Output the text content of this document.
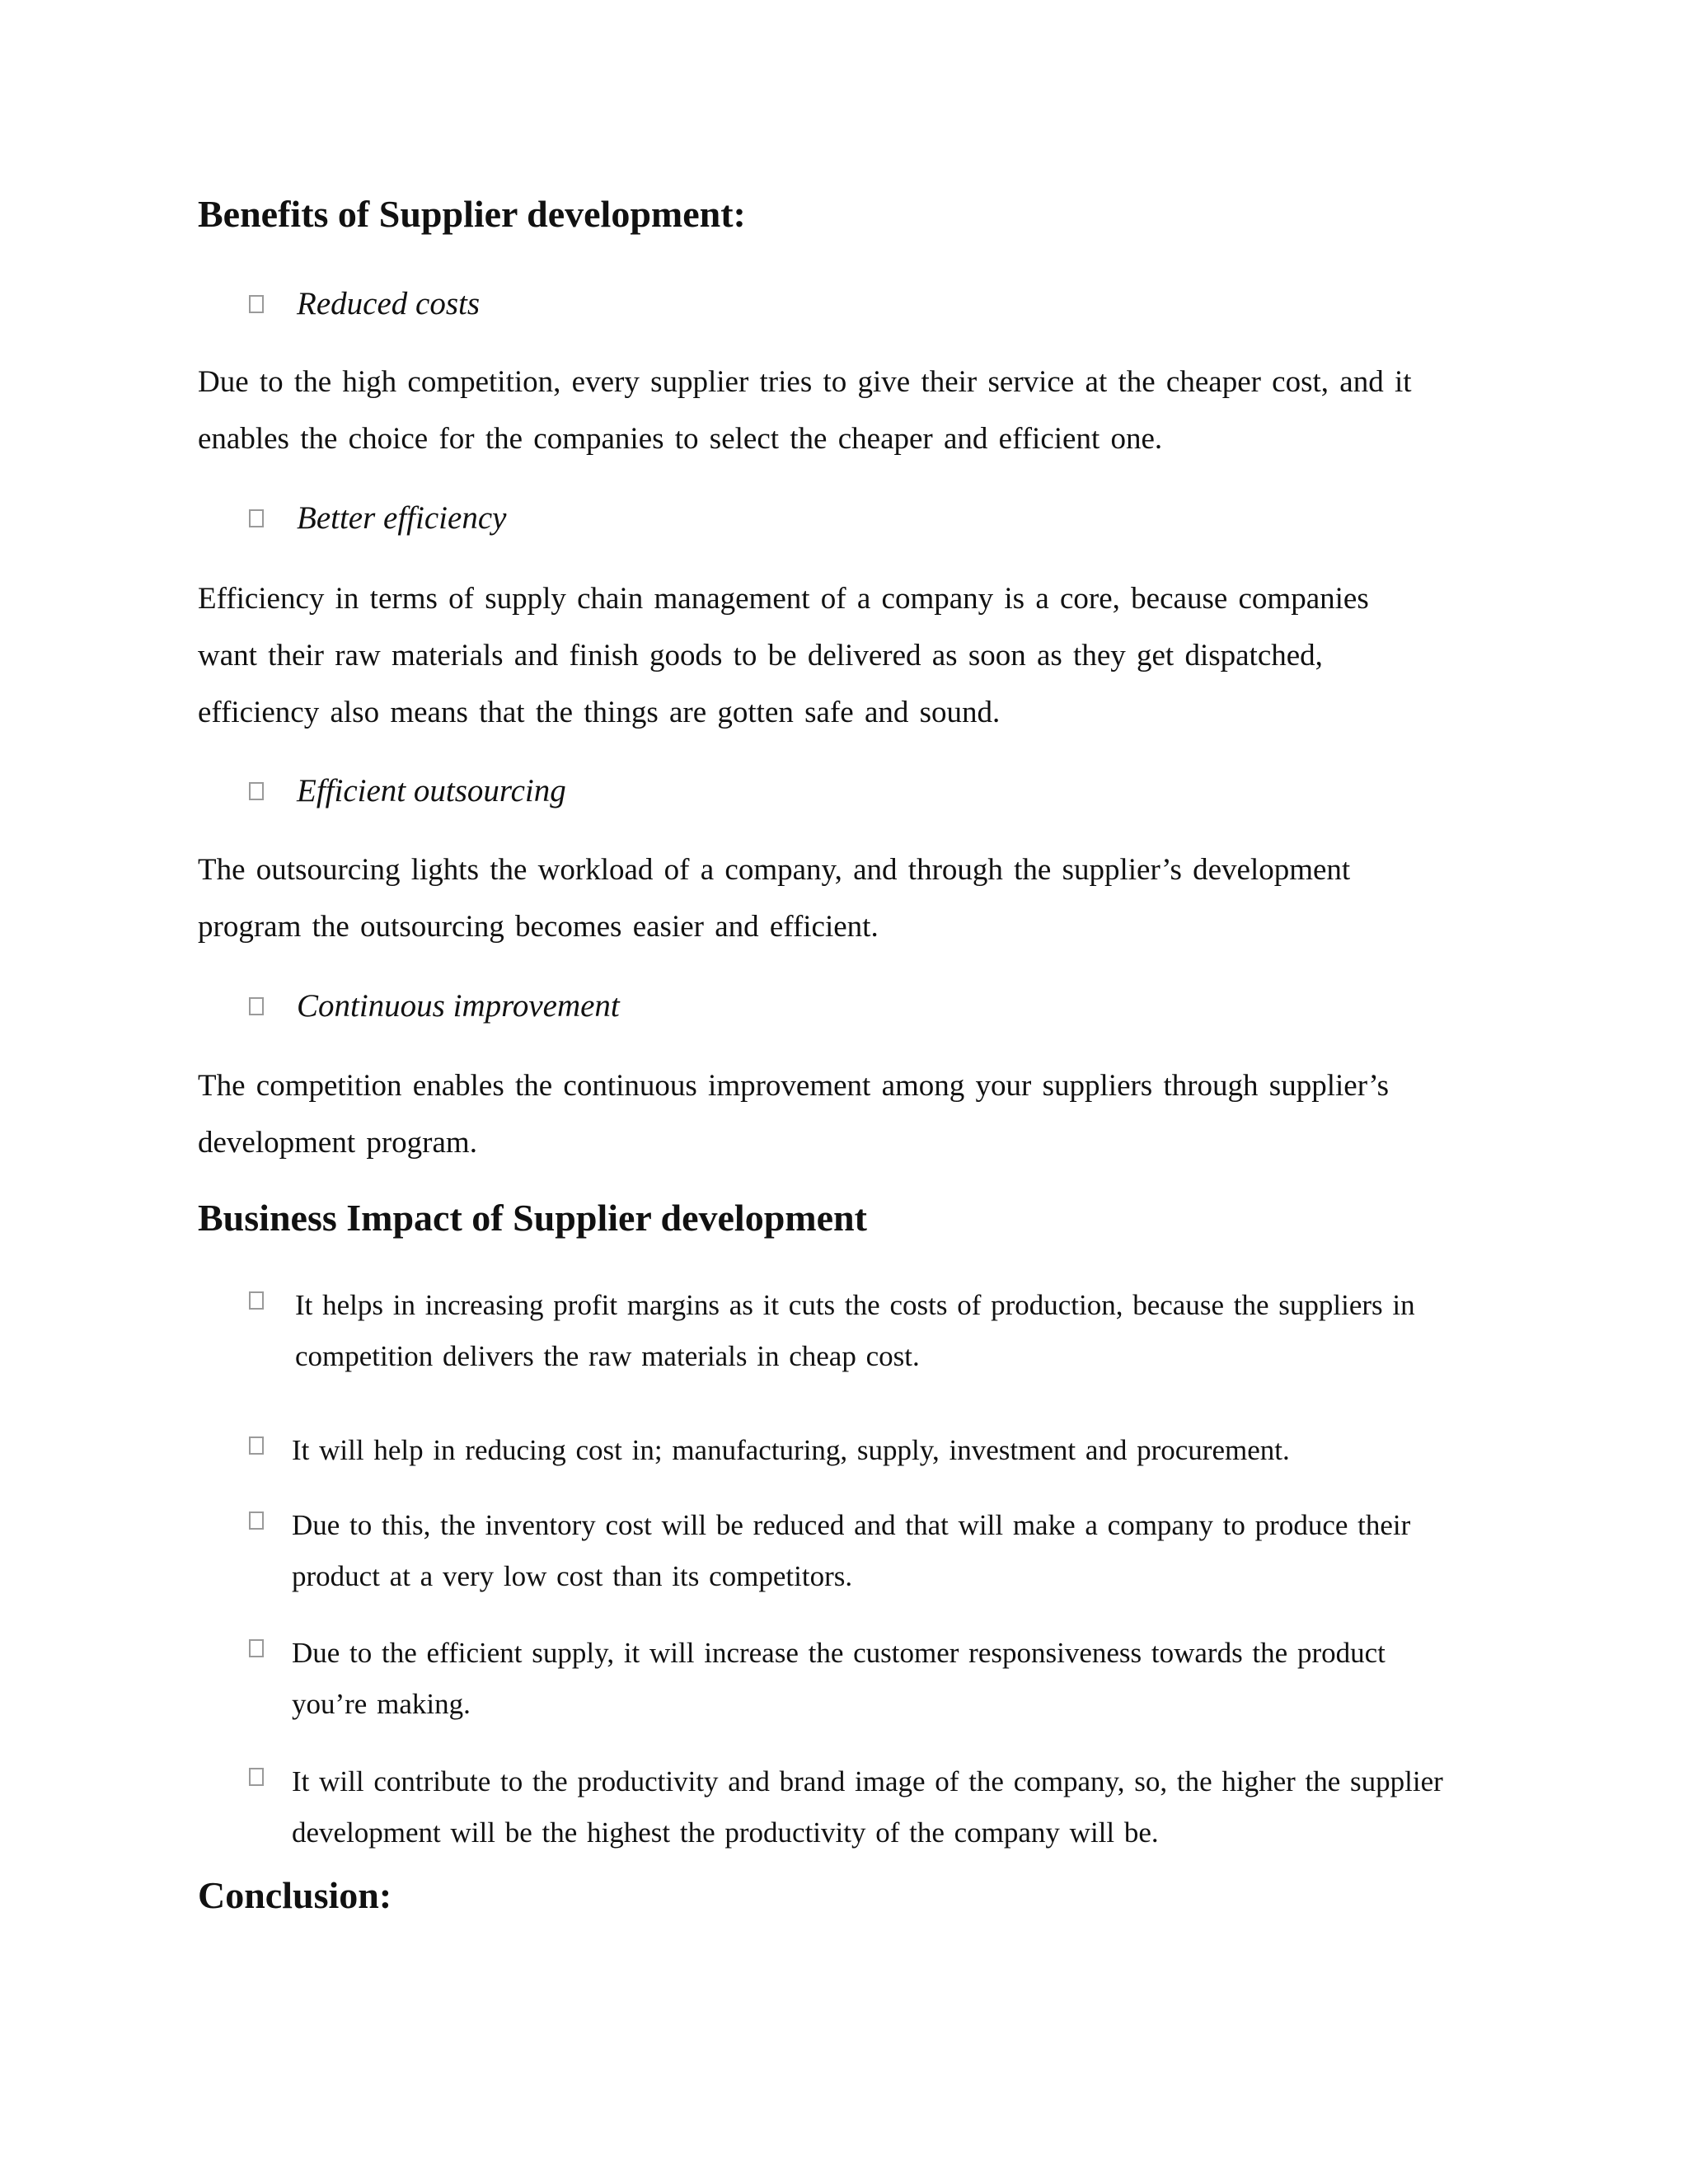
Benefits of Supplier development:
Reduced costs

Due to the high competition, every supplier tries to give their service at the cheaper cost, and it
enables the choice for the companies to select the cheaper and efficient one.

Better efficiency

Efficiency in terms of supply chain management of a company is a core, because companies
want their raw materials and finish goods to be delivered as soon as they get dispatched,
efficiency also means that the things are gotten safe and sound.

Efficient outsourcing

The outsourcing lights the workload of a company, and through the supplier’s development
program the outsourcing becomes easier and efficient.

Continuous improvement

The competition enables the continuous improvement among your suppliers through supplier’s
development program.

Business Impact of Supplier development
It helps in increasing profit margins as it cuts the costs of production, because the suppliers in
competition delivers the raw materials in cheap cost.
It will help in reducing cost in; manufacturing, supply, investment and procurement.
Due to this, the inventory cost will be reduced and that will make a company to produce their
product at a very low cost than its competitors.
Due to the efficient supply, it will increase the customer responsiveness towards the product
you’re making.
It will contribute to the productivity and brand image of the company, so, the higher the supplier
development will be the highest the productivity of the company will be.
Conclusion:
